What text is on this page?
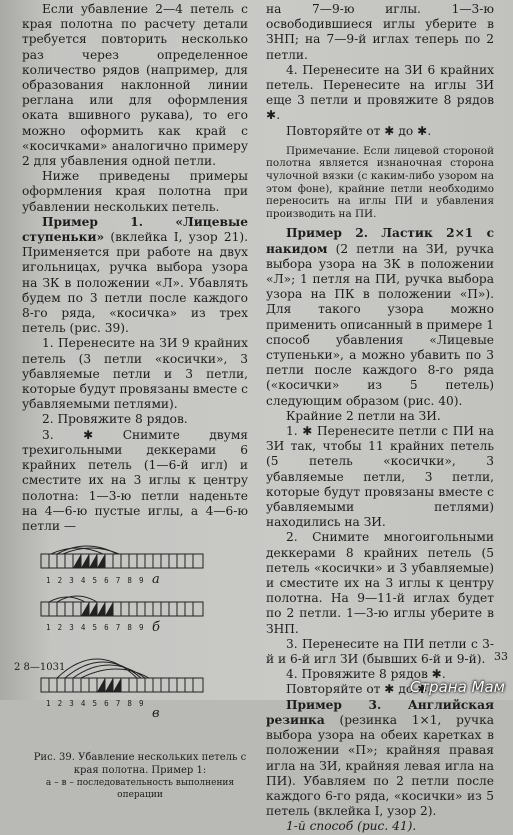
Если убавление 2—4 петель с края полотна по расчету детали требуется повторить несколько раз через определенное количество рядов (например, для образования наклонной линии реглана или для оформления оката вшивного рукава), то его можно оформить как край с «косичками» аналогично примеру 2 для убавления одной петли.

Ниже приведены примеры оформления края полотна при убавлении нескольких петель.

Пример 1. «Лицевые ступеньки» (вклейка I, узор 21). Применяется при работе на двух игольницах, ручка выбора узора на ЗК в положении «Л». Убавлять будем по 3 петли после каждого 8-го ряда, «косичка» из трех петель (рис. 39).

1. Перенесите на ЗИ 9 крайних петель (3 петли «косички», 3 убавляемые петли и 3 петли, которые будут провязаны вместе с убавляемыми петлями).

2. Провяжите 8 рядов.

3. ✱ Снимите двумя трехигольными деккерами 6 крайних петель (1—6-й игл) и сместите их на 3 иглы к центру полотна: 1—3-ю петли наденьте на 4—6-ю пустые иглы, а 4—6-ю петли —

1 2 3 4 5 6 7 8 9 а
1 2 3 4 5 6 7 8 9 б
1 2 3 4 5 6 7 8 9
в
Рис. 39. Убавление нескольких петель с края полотна. Пример 1:
а – в – последовательность выполнения операции
2 8—1031

на 7—9-ю иглы. 1—3-ю освободившиеся иглы уберите в ЗНП; на 7—9-й иглах теперь по 2 петли.

4. Перенесите на ЗИ 6 крайних петель. Перенесите на иглы ЗИ еще 3 петли и провяжите 8 рядов ✱.

Повторяйте от ✱ до ✱.

Примечание. Если лицевой стороной полотна является изнаночная сторона чулочной вязки (с каким-либо узором на этом фоне), крайние петли необходимо переносить на иглы ПИ и убавления производить на ПИ.

Пример 2. Ластик 2×1 с накидом (2 петли на ЗИ, ручка выбора узора на ЗК в положении «Л»; 1 петля на ПИ, ручка выбора узора на ПК в положении «П»). Для такого узора можно применить описанный в примере 1 способ убавления «Лицевые ступеньки», а можно убавить по 3 петли после каждого 8-го ряда («косички» из 5 петель) следующим образом (рис. 40).

Крайние 2 петли на ЗИ.

1. ✱ Перенесите петли с ПИ на ЗИ так, чтобы 11 крайних петель (5 петель «косички», 3 убавляемые петли, 3 петли, которые будут провязаны вместе с убавляемыми петлями) находились на ЗИ.

2. Снимите многоигольными деккерами 8 крайних петель (5 петель «косички» и 3 убавляемые) и сместите их на 3 иглы к центру полотна. На 9—11-й иглах будет по 2 петли. 1—3-ю иглы уберите в ЗНП.

3. Перенесите на ПИ петли с 3-й и 6-й игл ЗИ (бывших 6-й и 9-й).

4. Провяжите 8 рядов ✱.

Повторяйте от ✱ до ✱.

Пример 3. Английская резинка (резинка 1×1, ручка выбора узора на обеих каретках в положении «П»; крайняя правая игла на ЗИ, крайняя левая игла на ПИ). Убавляем по 2 петли после каждого 6-го ряда, «косички» из 5 петель (вклейка I, узор 2).

1-й способ (рис. 41).

33
Страна Мам
